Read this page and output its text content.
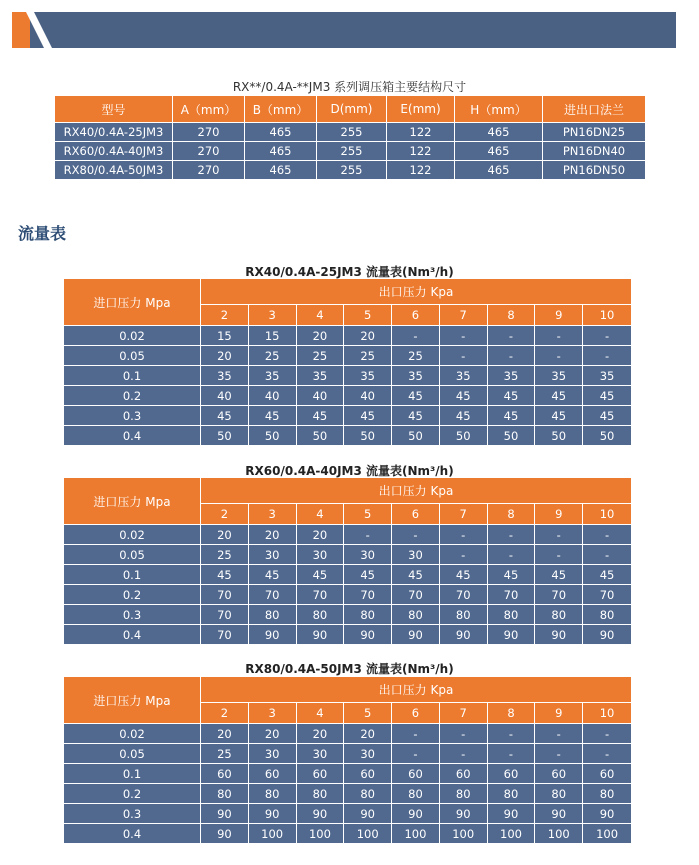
RX**/0.4A-**JM3 系列调压箱主要结构尺寸
型号	A（mm）	B（mm）	D(mm)	E(mm)	H（mm）	进出口法兰
RX40/0.4A-25JM3	270	465	255	122	465	PN16DN25
RX60/0.4A-40JM3	270	465	255	122	465	PN16DN40
RX80/0.4A-50JM3	270	465	255	122	465	PN16DN50
流量表
RX40/0.4A-25JM3 流量表(Nm³/h)
进口压力 Mpa	出口压力 Kpa								
	2	3	4	5	6	7	8	9	10
0.02	15	15	20	20	-	-	-	-	-
0.05	20	25	25	25	25	-	-	-	-
0.1	35	35	35	35	35	35	35	35	35
0.2	40	40	40	40	45	45	45	45	45
0.3	45	45	45	45	45	45	45	45	45
0.4	50	50	50	50	50	50	50	50	50
RX60/0.4A-40JM3 流量表(Nm³/h)
进口压力 Mpa	出口压力 Kpa								
	2	3	4	5	6	7	8	9	10
0.02	20	20	20	-	-	-	-	-	-
0.05	25	30	30	30	30	-	-	-	-
0.1	45	45	45	45	45	45	45	45	45
0.2	70	70	70	70	70	70	70	70	70
0.3	70	80	80	80	80	80	80	80	80
0.4	70	90	90	90	90	90	90	90	90
RX80/0.4A-50JM3 流量表(Nm³/h)
进口压力 Mpa	出口压力 Kpa								
	2	3	4	5	6	7	8	9	10
0.02	20	20	20	20	-	-	-	-	-
0.05	25	30	30	30	-	-	-	-	-
0.1	60	60	60	60	60	60	60	60	60
0.2	80	80	80	80	80	80	80	80	80
0.3	90	90	90	90	90	90	90	90	90
0.4	90	100	100	100	100	100	100	100	100
